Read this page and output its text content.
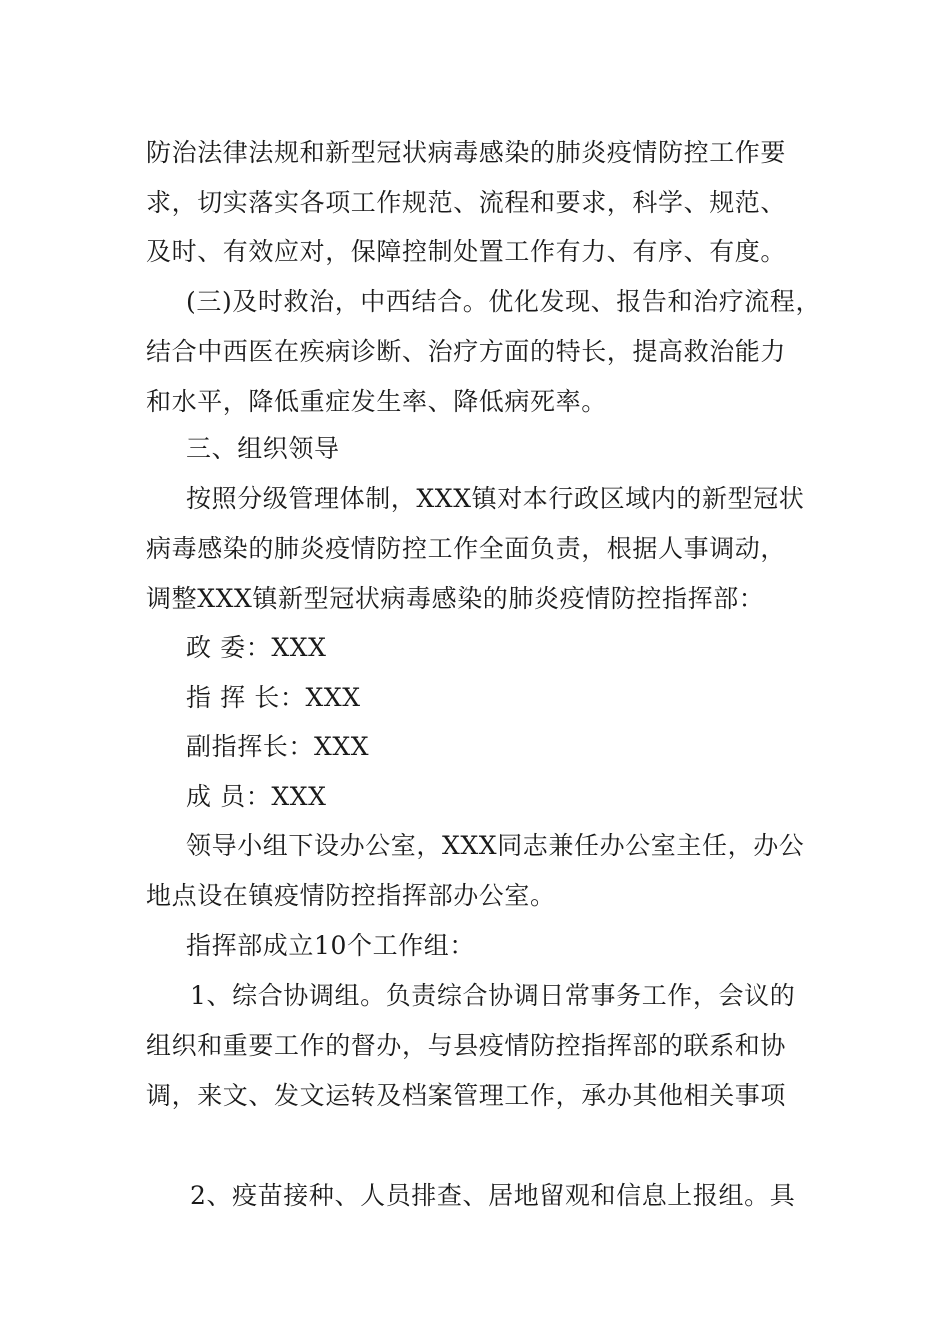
防治法律法规和新型冠状病毒感染的肺炎疫情防控工作要
求，切实落实各项工作规范、流程和要求，科学、规范、
及时、有效应对，保障控制处置工作有力、有序、有度。
(三)及时救治，中西结合。优化发现、报告和治疗流程，
结合中西医在疾病诊断、治疗方面的特长，提高救治能力
和水平，降低重症发生率、降低病死率。
三、组织领导
按照分级管理体制，XXX镇对本行政区域内的新型冠状
病毒感染的肺炎疫情防控工作全面负责，根据人事调动，
调整XXX镇新型冠状病毒感染的肺炎疫情防控指挥部：
政 委：XXX
指 挥 长：XXX
副指挥长：XXX
成 员：XXX
领导小组下设办公室，XXX同志兼任办公室主任，办公
地点设在镇疫情防控指挥部办公室。
指挥部成立10个工作组：
1、综合协调组。负责综合协调日常事务工作，会议的
组织和重要工作的督办，与县疫情防控指挥部的联系和协
调，来文、发文运转及档案管理工作，承办其他相关事项
2、疫苗接种、人员排查、居地留观和信息上报组。具
